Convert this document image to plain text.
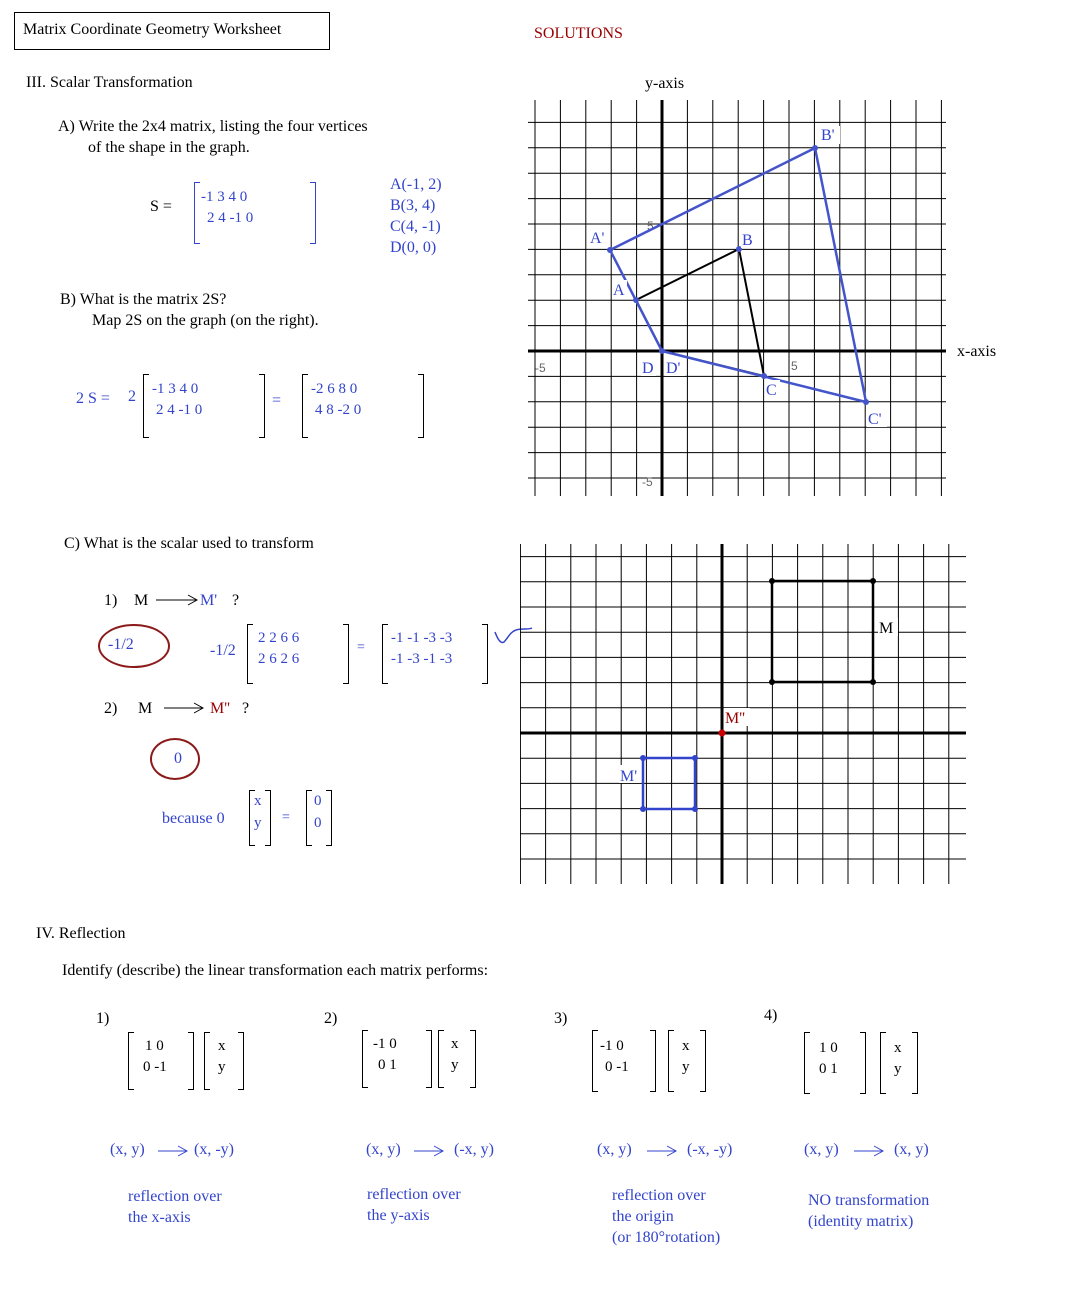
Matrix Coordinate Geometry Worksheet	SOLUTIONS
III. Scalar Transformation
A) Write the 2x4 matrix, listing the four vertices
of the shape in the graph.
S =
-1 3 4 0
2 4 -1 0
A(-1, 2)
B(3, 4)
C(4, -1)
D(0, 0)
B) What is the matrix 2S?
Map 2S on the graph (on the right).
2 S = 2 -1 3 4 0
2 4 -1 0
=
-2 6 8 0
4 8 -2 0
C) What is the scalar used to transform
1) M	M' ?
-1/2	-1/2
2 2 6 6
2 6 2 6
=
-1 -1 -3 -3
-1 -3 -1 -3
2) M	M'' ?
0
because 0
x
y =
0
0
y-axis
x-axis
-5	5
5
-5
A'
B'
C'
A
B
C
D D'
M
M'
M''
IV. Reflection
Identify (describe) the linear transformation each matrix performs:
1)
1 0
0 -1
x
y
(x, y)	(x, -y)
reflection over
the x-axis
2)
-1 0
0 1
x
y
(x, y)	(-x, y)
reflection over
the y-axis
3)
-1 0
0 -1
x
y
(x, y)	(-x, -y)
reflection over
the origin
(or 180°rotation)
4)
1 0
0 1
x
y
(x, y)	(x, y)
NO transformation
(identity matrix)
